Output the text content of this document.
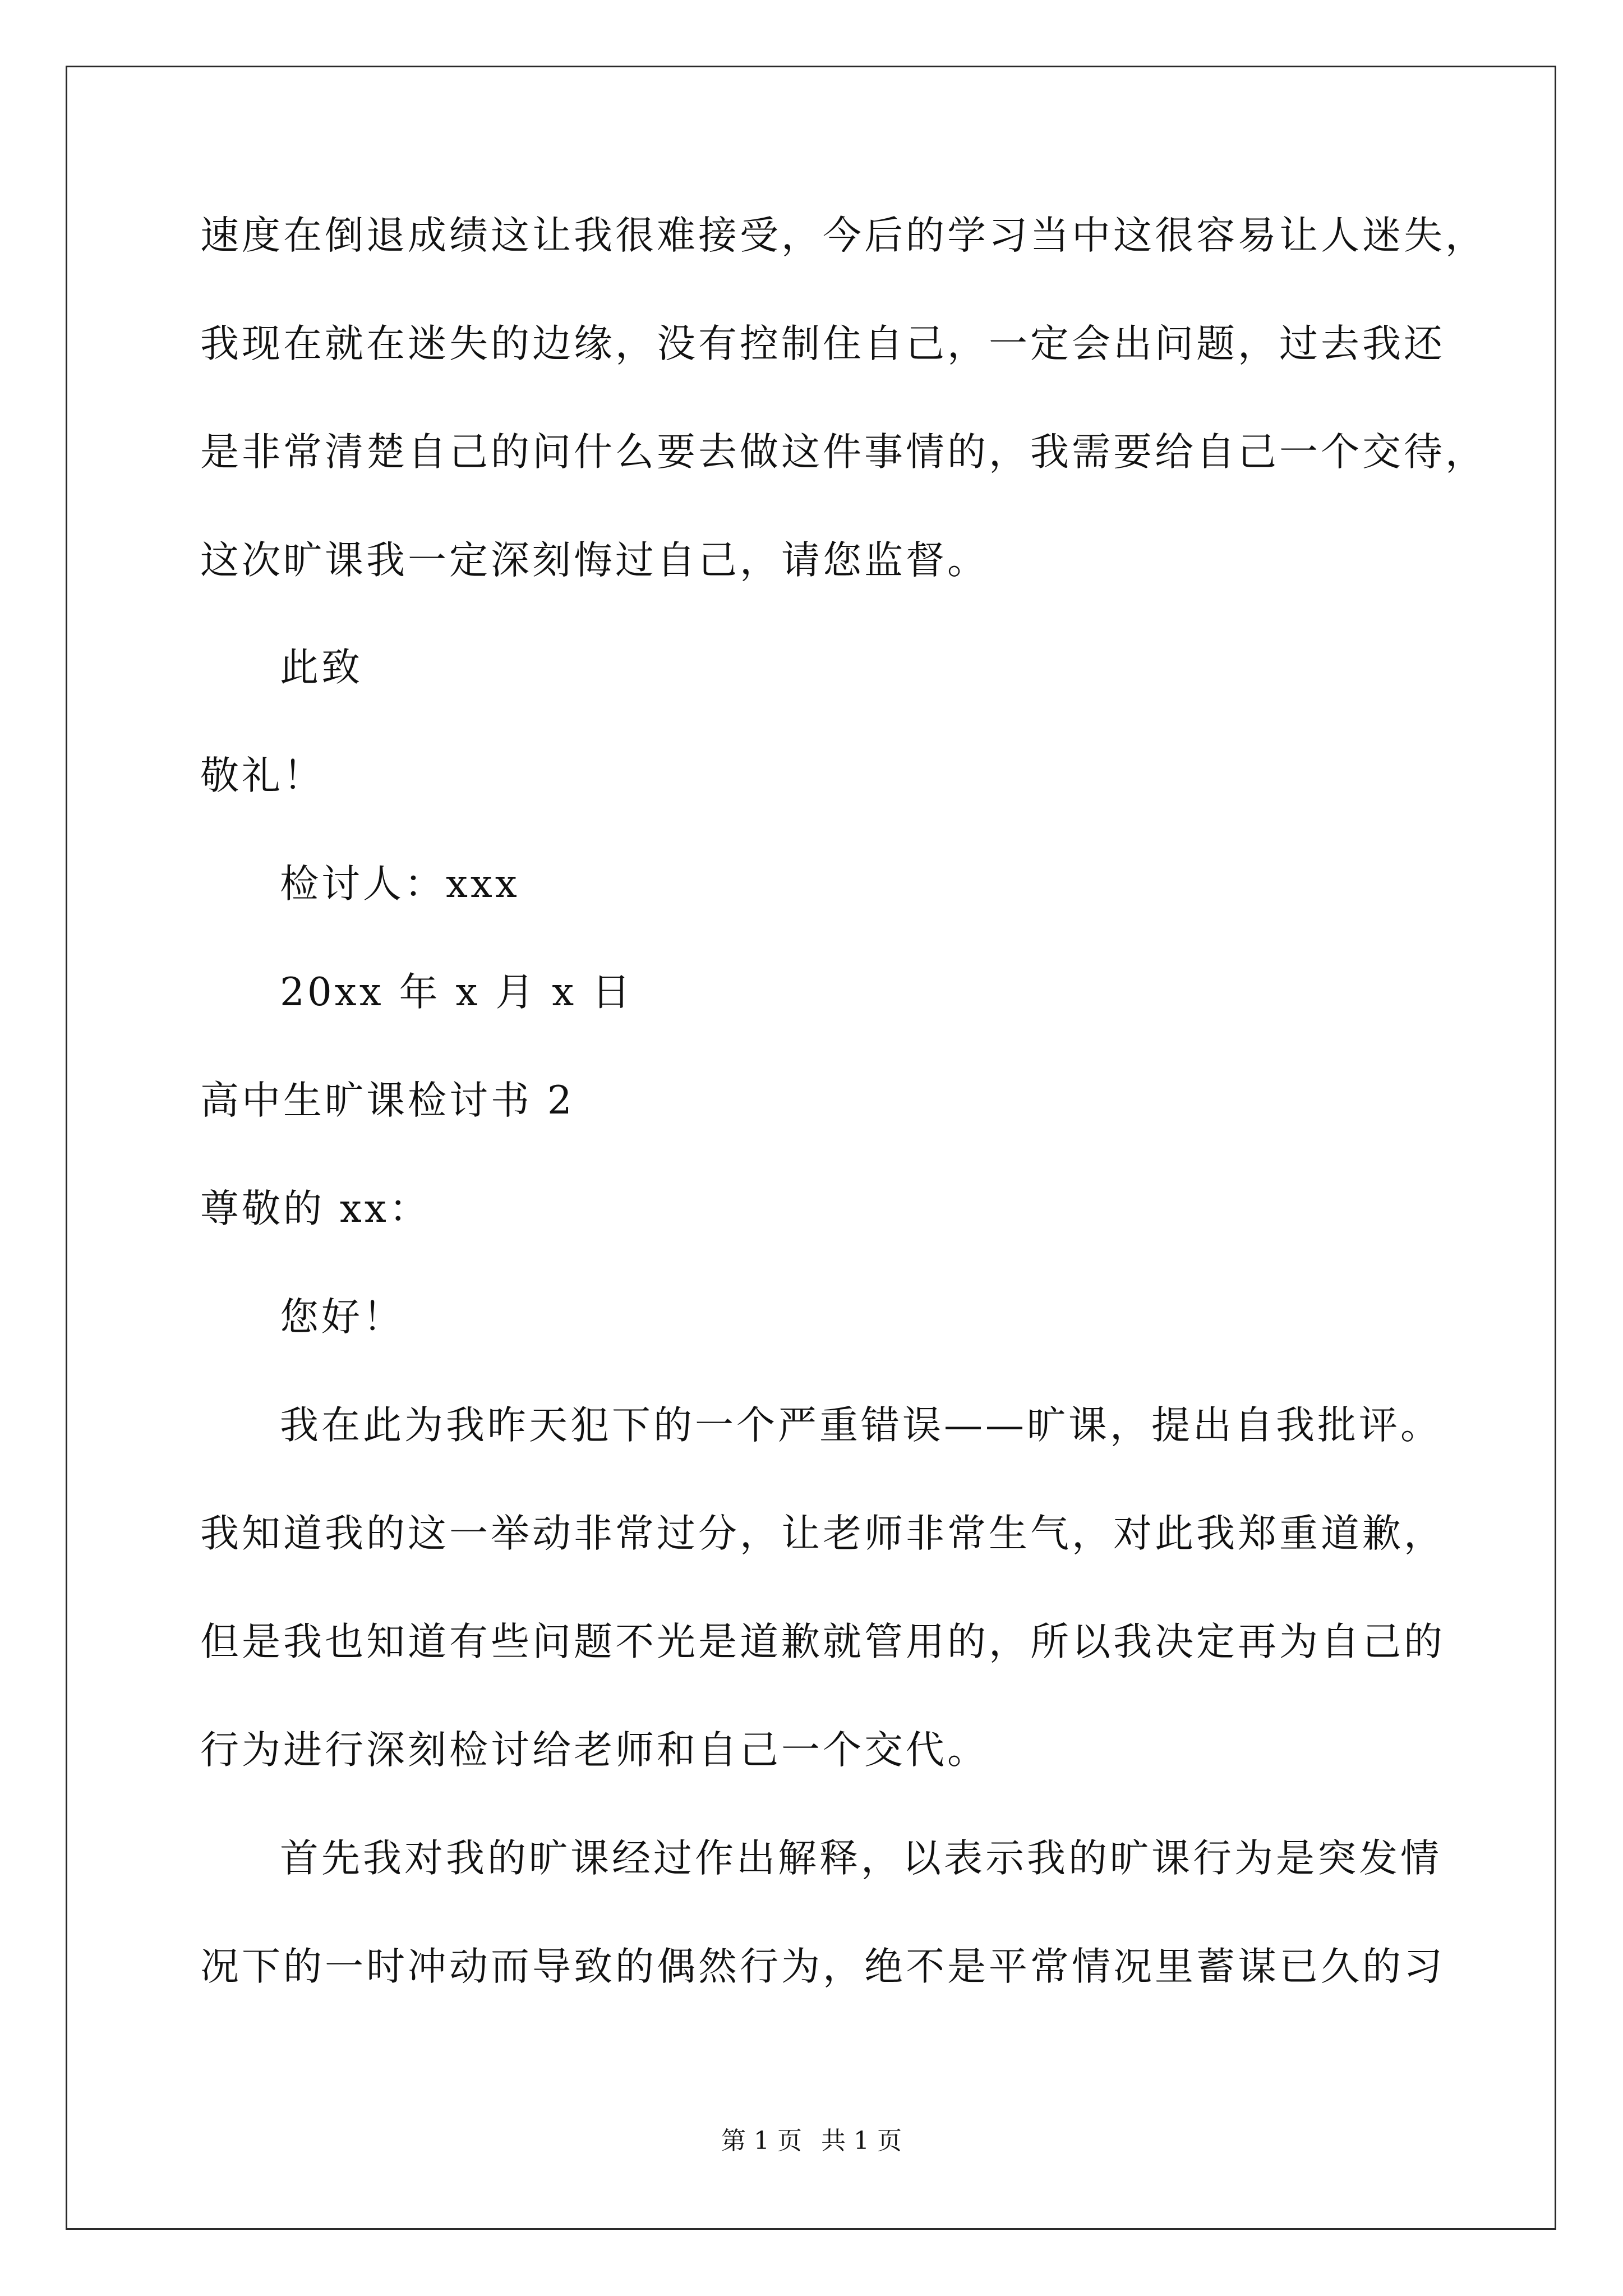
速度在倒退成绩这让我很难接受，今后的学习当中这很容易让人迷失，
我现在就在迷失的边缘，没有控制住自己，一定会出问题，过去我还
是非常清楚自己的问什么要去做这件事情的，我需要给自己一个交待，
这次旷课我一定深刻悔过自己，请您监督。
此致
敬礼！
检讨人：xxx
20xx 年 x 月 x 日
高中生旷课检讨书 2
尊敬的 xx：
您好！
我在此为我昨天犯下的一个严重错误——旷课，提出自我批评。
我知道我的这一举动非常过分，让老师非常生气，对此我郑重道歉，
但是我也知道有些问题不光是道歉就管用的，所以我决定再为自己的
行为进行深刻检讨给老师和自己一个交代。
首先我对我的旷课经过作出解释，以表示我的旷课行为是突发情
况下的一时冲动而导致的偶然行为，绝不是平常情况里蓄谋已久的习
第 1 页 共 1 页
